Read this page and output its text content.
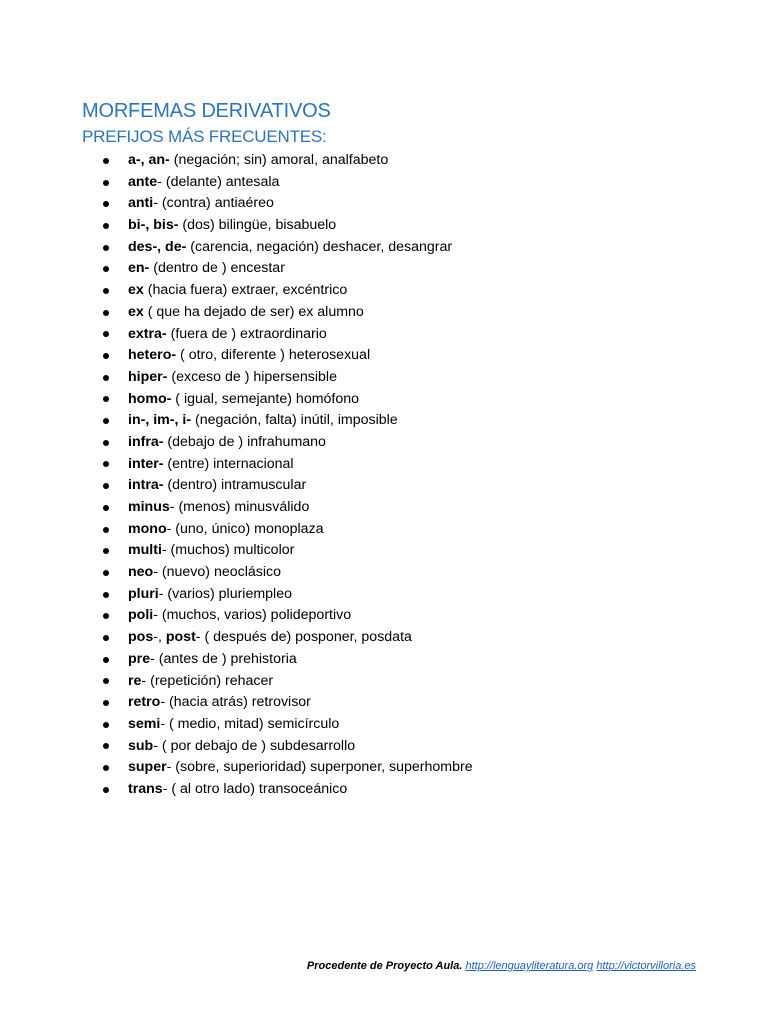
MORFEMAS DERIVATIVOS
PREFIJOS MÁS FRECUENTES:
a-, an- (negación; sin) amoral, analfabeto
ante- (delante) antesala
anti- (contra) antiaéreo
bi-, bis- (dos) bilingüe, bisabuelo
des-, de- (carencia, negación) deshacer, desangrar
en- (dentro de ) encestar
ex (hacia fuera) extraer, excéntrico
ex ( que ha dejado de ser) ex alumno
extra- (fuera de ) extraordinario
hetero- ( otro, diferente ) heterosexual
hiper- (exceso de ) hipersensible
homo- ( igual, semejante) homófono
in-, im-, i- (negación, falta) inútil, imposible
infra- (debajo de ) infrahumano
inter- (entre) internacional
intra- (dentro) intramuscular
minus- (menos) minusválido
mono- (uno, único) monoplaza
multi- (muchos) multicolor
neo- (nuevo) neoclásico
pluri- (varios) pluriempleo
poli- (muchos, varios) polideportivo
pos-, post- ( después de) posponer, posdata
pre- (antes de ) prehistoria
re- (repetición) rehacer
retro- (hacia atrás) retrovisor
semi- ( medio, mitad) semicírculo
sub- ( por debajo de ) subdesarrollo
super- (sobre, superioridad) superponer, superhombre
trans- ( al otro lado) transoceánico
Procedente de Proyecto Aula. http://lenguayliteratura.org http://victorvilloria.es
